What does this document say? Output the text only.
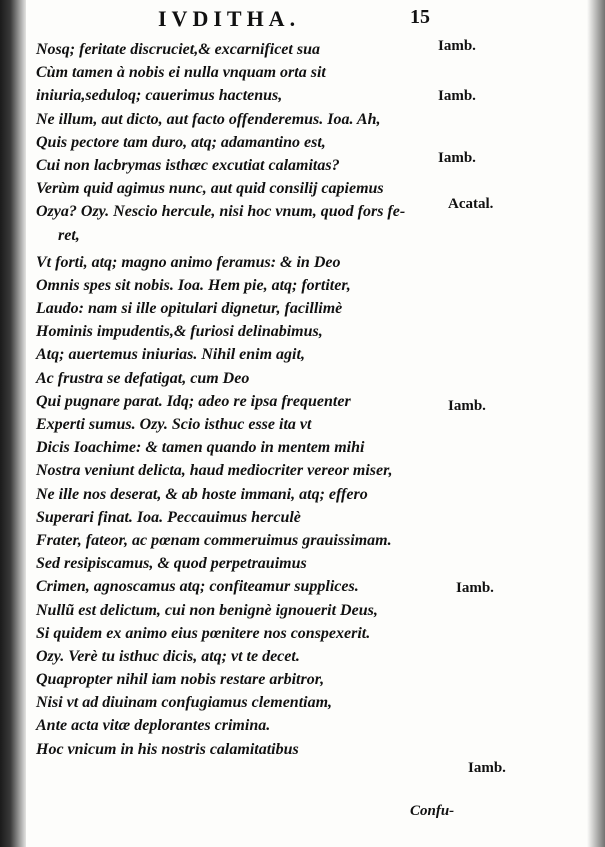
IVDITHA.	15
Nosq; feritate discruciet,& excarnificet sua
Cùm tamen à nobis ei nulla vnquam orta sit
iniuria,seduloq; cauerimus hactenus,
Ne illum, aut dicto, aut facto offenderemus. Ioa. Ah,
Quis pectore tam duro, atq; adamantino est,
Cui non lacbrymas isthæc excutiat calamitas?
Verùm quid agimus nunc, aut quid consilij capiemus
Ozya? Ozy. Nescio hercule, nisi hoc vnum, quod fors fe-
ret,
Vt forti, atq; magno animo feramus: & in Deo
Omnis spes sit nobis. Ioa. Hem pie, atq; fortiter,
Laudo: nam si ille opitulari dignetur, facillimè
Hominis impudentis,& furiosi delinabimus,
Atq; auertemus iniurias. Nihil enim agit,
Ac frustra se defatigat, cum Deo
Qui pugnare parat. Idq; adeo re ipsa frequenter
Experti sumus. Ozy. Scio isthuc esse ita vt
Dicis Ioachime: & tamen quando in mentem mihi
Nostra veniunt delicta, haud mediocriter vereor miser,
Ne ille nos deserat, & ab hoste immani, atq; effero
Superari finat. Ioa. Peccauimus herculè
Frater, fateor, ac pœnam commeruimus grauissimam.
Sed resipiscamus, & quod perpetrauimus
Crimen, agnoscamus atq; confiteamur supplices.
Nullũ est delictum, cui non benignè ignouerit Deus,
Si quidem ex animo eius pœnitere nos conspexerit.
Ozy. Verè tu isthuc dicis, atq; vt te decet.
Quapropter nihil iam nobis restare arbitror,
Nisi vt ad diuinam confugiamus clementiam,
Ante acta vitæ deplorantes crimina.
Hoc vnicum in his nostris calamitatibus
Iamb.
Iamb.
Iamb.
Acatal.
Iamb.
Iamb.
Iamb.
Confu-
